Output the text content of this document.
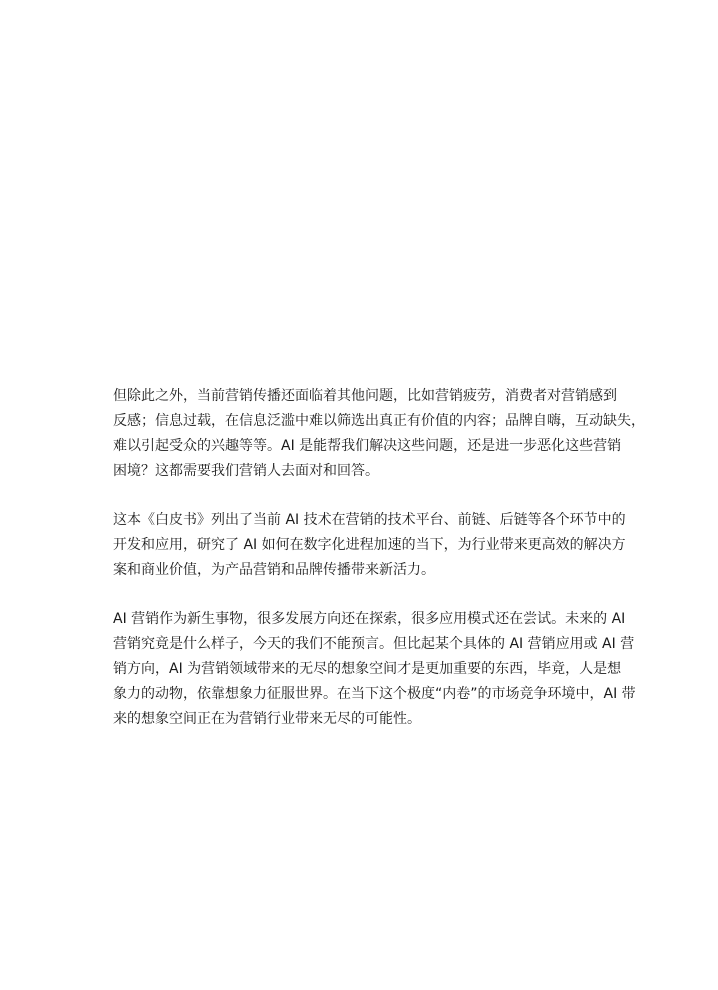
但除此之外，当前营销传播还面临着其他问题，比如营销疲劳，消费者对营销感到
反感；信息过载，在信息泛滥中难以筛选出真正有价值的内容；品牌自嗨，互动缺失，
难以引起受众的兴趣等等。AI 是能帮我们解决这些问题，还是进一步恶化这些营销
困境？这都需要我们营销人去面对和回答。

这本《白皮书》列出了当前 AI 技术在营销的技术平台、前链、后链等各个环节中的
开发和应用，研究了 AI 如何在数字化进程加速的当下，为行业带来更高效的解决方
案和商业价值，为产品营销和品牌传播带来新活力。

AI 营销作为新生事物，很多发展方向还在探索，很多应用模式还在尝试。未来的 AI
营销究竟是什么样子，今天的我们不能预言。但比起某个具体的 AI 营销应用或 AI 营
销方向，AI 为营销领域带来的无尽的想象空间才是更加重要的东西，毕竟，人是想
象力的动物，依靠想象力征服世界。在当下这个极度“内卷”的市场竞争环境中，AI 带
来的想象空间正在为营销行业带来无尽的可能性。
